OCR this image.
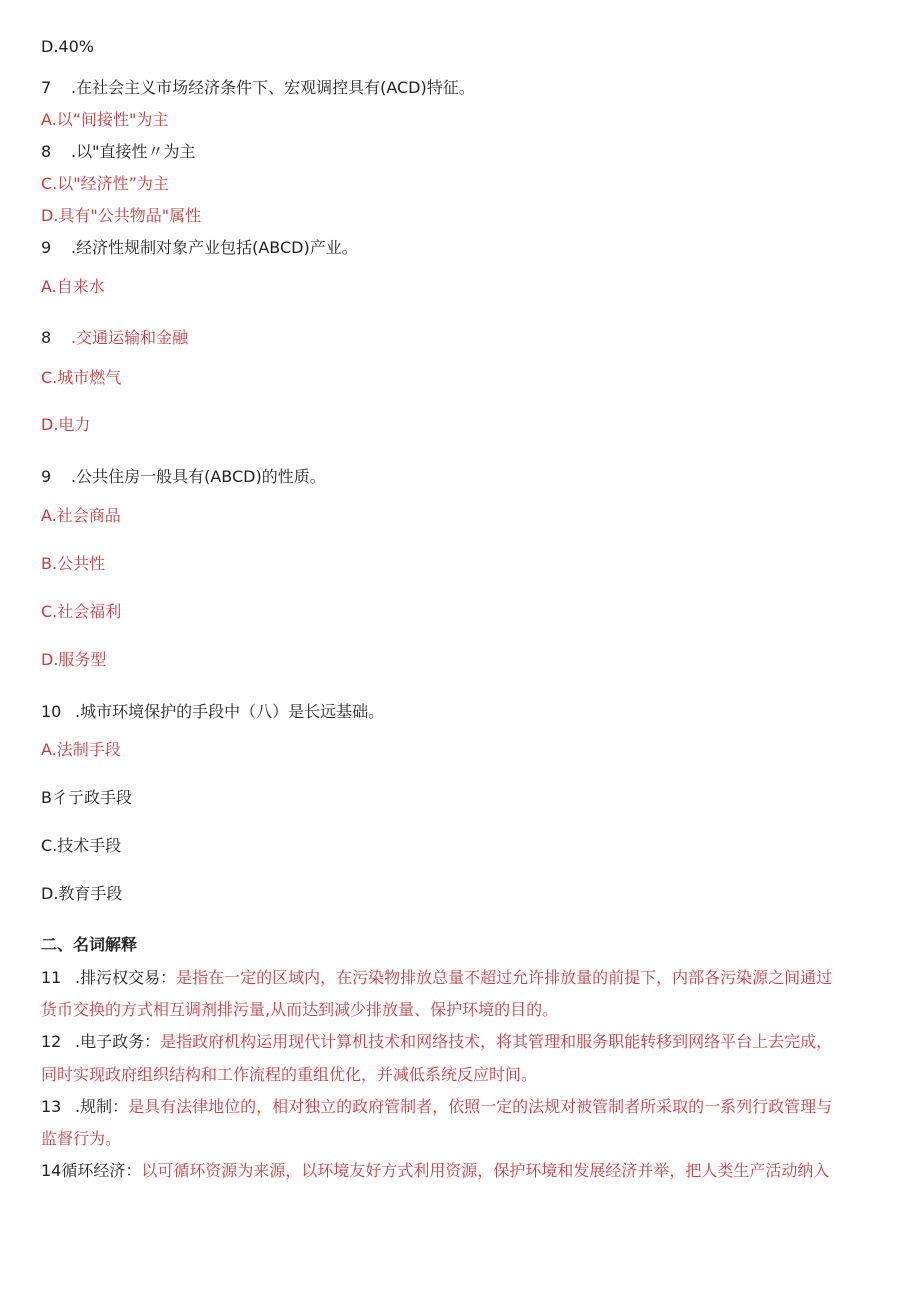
D.40%
7 .在社会主义市场经济条件下、宏观调控具有(ACD)特征。
A.以“间接性"为主
8 .以"直接性〃为主
C.以"经济性”为主
D.具有"公共物品"属性
9 .经济性规制对象产业包括(ABCD)产业。
A.自来水
8 .交通运输和金融
C.城市燃气
D.电力
9 .公共住房一般具有(ABCD)的性质。
A.社会商品
B.公共性
C.社会福利
D.服务型
10 .城市环境保护的手段中（八）是长远基础。
A.法制手段
B彳亍政手段
C.技术手段
D.教育手段
二、名词解释
11 .排污权交易：是指在一定的区域内，在污染物排放总量不超过允许排放量的前提下，内部各污染源之间通过
货币交换的方式相互调剂排污量,从而达到减少排放量、保护环境的目的。
12 .电子政务：是指政府机构运用现代计算机技术和网络技术，将其管理和服务职能转移到网络平台上去完成，
同时实现政府组织结构和工作流程的重组优化，并减低系统反应时间。
13 .规制：是具有法律地位的，相对独立的政府管制者，依照一定的法规对被管制者所采取的一系列行政管理与
监督行为。
14循环经济：以可循环资源为来源，以环境友好方式利用资源，保护环境和发展经济并举，把人类生产活动纳入
